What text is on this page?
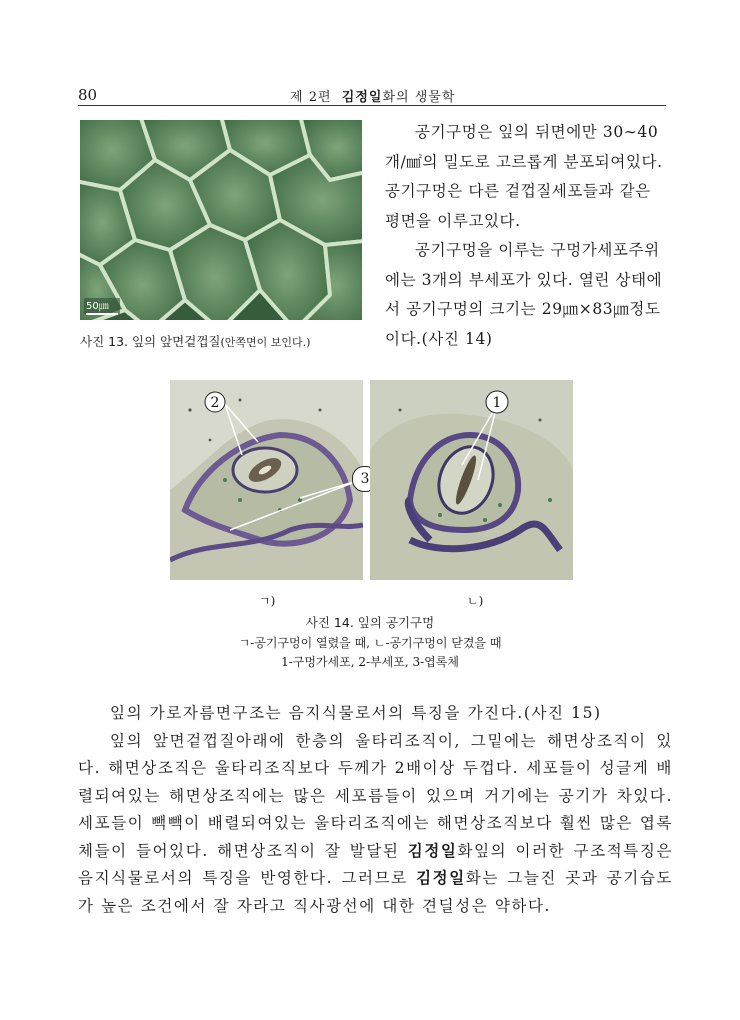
80	제 2편 김정일화의 생물학
50㎛
사진 13. 잎의 앞면겉껍질(안쪽면이 보인다.)

공기구멍은 잎의 뒤면에만 30∼40개/㎟의 밀도로 고르롭게 분포되여있다. 공기구멍은 다른 겉껍질세포들과 같은 평면을 이루고있다.

공기구멍을 이루는 구멍가세포주위에는 3개의 부세포가 있다. 열린 상태에서 공기구멍의 크기는 29㎛×83㎛정도이다.(사진 14)

2
3
1
ㄱ)	ㄴ)
사진 14. 잎의 공기구멍
ㄱ-공기구멍이 열렸을 때, ㄴ-공기구멍이 닫겼을 때
1-구멍가세포, 2-부세포, 3-엽록체

잎의 가로자름면구조는 음지식물로서의 특징을 가진다.(사진 15)

잎의 앞면겉껍질아래에 한층의 울타리조직이, 그밑에는 해면상조직이 있다. 해면상조직은 울타리조직보다 두께가 2배이상 두껍다. 세포들이 성글게 배렬되여있는 해면상조직에는 많은 세포름들이 있으며 거기에는 공기가 차있다. 세포들이 빽빽이 배렬되여있는 울타리조직에는 해면상조직보다 훨씬 많은 엽록체들이 들어있다. 해면상조직이 잘 발달된 김정일화잎의 이러한 구조적특징은 음지식물로서의 특징을 반영한다. 그러므로 김정일화는 그늘진 곳과 공기습도가 높은 조건에서 잘 자라고 직사광선에 대한 견딜성은 약하다.
